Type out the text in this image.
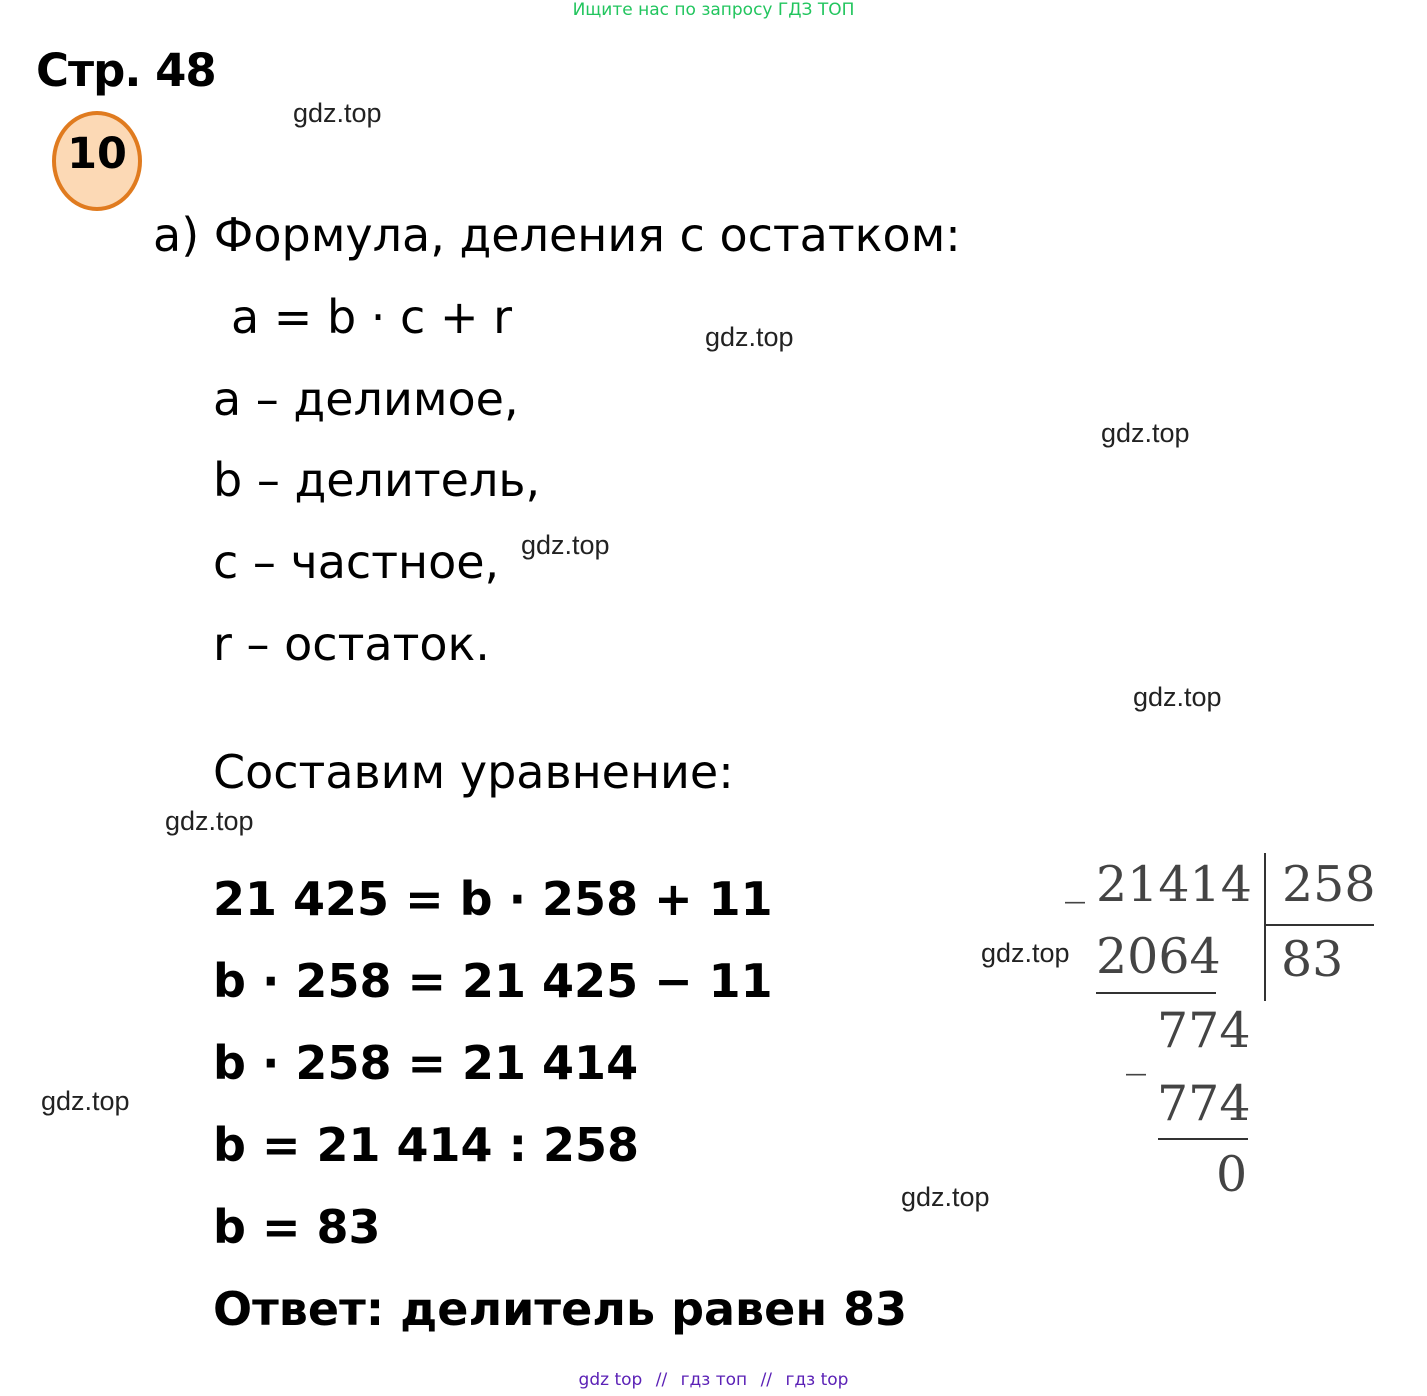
Ищите нас по запросу ГДЗ ТОП
Стр. 48
10
gdz.top
gdz.top
gdz.top
gdz.top
gdz.top
gdz.top
gdz.top
gdz.top
gdz.top
а) Формула, деления с остатком:
a = b · c + r
a – делимое,
b – делитель,
c – частное,
r – остаток.
Составим уравнение:
21 425 = b · 258 + 11
b · 258 = 21 425 − 11
b · 258 = 21 414
b = 21 414 : 258
b = 83
Ответ: делитель равен 83
_ 21414 258
83
2064
774
_
774
0
gdz top // гдз топ // гдз top
